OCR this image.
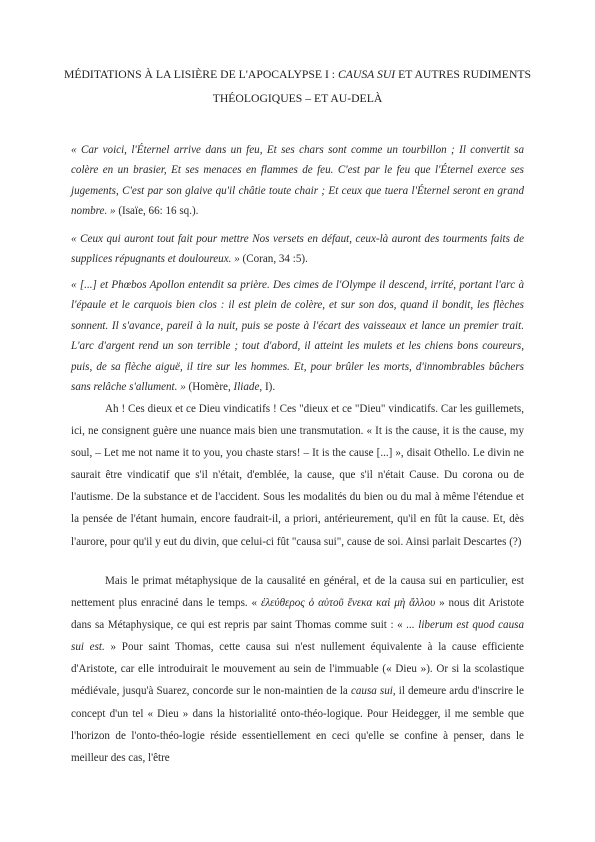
MÉDITATIONS À LA LISIÈRE DE L'APOCALYPSE I : CAUSA SUI ET AUTRES RUDIMENTS THÉOLOGIQUES – ET AU-DELÀ
« Car voici, l'Éternel arrive dans un feu, Et ses chars sont comme un tourbillon ; Il convertit sa colère en un brasier, Et ses menaces en flammes de feu. C'est par le feu que l'Éternel exerce ses jugements, C'est par son glaive qu'il châtie toute chair ; Et ceux que tuera l'Éternel seront en grand nombre. » (Isaïe, 66: 16 sq.).
« Ceux qui auront tout fait pour mettre Nos versets en défaut, ceux-là auront des tourments faits de supplices répugnants et douloureux. » (Coran, 34 :5).
« [...] et Phœbos Apollon entendit sa prière. Des cimes de l'Olympe il descend, irrité, portant l'arc à l'épaule et le carquois bien clos : il est plein de colère, et sur son dos, quand il bondit, les flèches sonnent. Il s'avance, pareil à la nuit, puis se poste à l'écart des vaisseaux et lance un premier trait. L'arc d'argent rend un son terrible ; tout d'abord, il atteint les mulets et les chiens bons coureurs, puis, de sa flèche aiguë, il tire sur les hommes. Et, pour brûler les morts, d'innombrables bûchers sans relâche s'allument. » (Homère, Iliade, I).
Ah ! Ces dieux et ce Dieu vindicatifs ! Ces "dieux et ce "Dieu" vindicatifs. Car les guillemets, ici, ne consignent guère une nuance mais bien une transmutation. « It is the cause, it is the cause, my soul, – Let me not name it to you, you chaste stars! – It is the cause [...] », disait Othello. Le divin ne saurait être vindicatif que s'il n'était, d'emblée, la cause, que s'il n'était Cause. Du corona ou de l'autisme. De la substance et de l'accident. Sous les modalités du bien ou du mal à même l'étendue et la pensée de l'étant humain, encore faudrait-il, a priori, antérieurement, qu'il en fût la cause. Et, dès l'aurore, pour qu'il y eut du divin, que celui-ci fût "causa sui", cause de soi. Ainsi parlait Descartes (?)
Mais le primat métaphysique de la causalité en général, et de la causa sui en particulier, est nettement plus enraciné dans le temps. « ἐλεύθερος ὁ αὑτοῦ ἕνεκα καὶ μὴ ἄλλου » nous dit Aristote dans sa Métaphysique, ce qui est repris par saint Thomas comme suit : « ... liberum est quod causa sui est. » Pour saint Thomas, cette causa sui n'est nullement équivalente à la cause efficiente d'Aristote, car elle introduirait le mouvement au sein de l'immuable (« Dieu »). Or si la scolastique médiévale, jusqu'à Suarez, concorde sur le non-maintien de la causa sui, il demeure ardu d'inscrire le concept d'un tel « Dieu » dans la historialité onto-théo-logique. Pour Heidegger, il me semble que l'horizon de l'onto-théo-logie réside essentiellement en ceci qu'elle se confine à penser, dans le meilleur des cas, l'être
